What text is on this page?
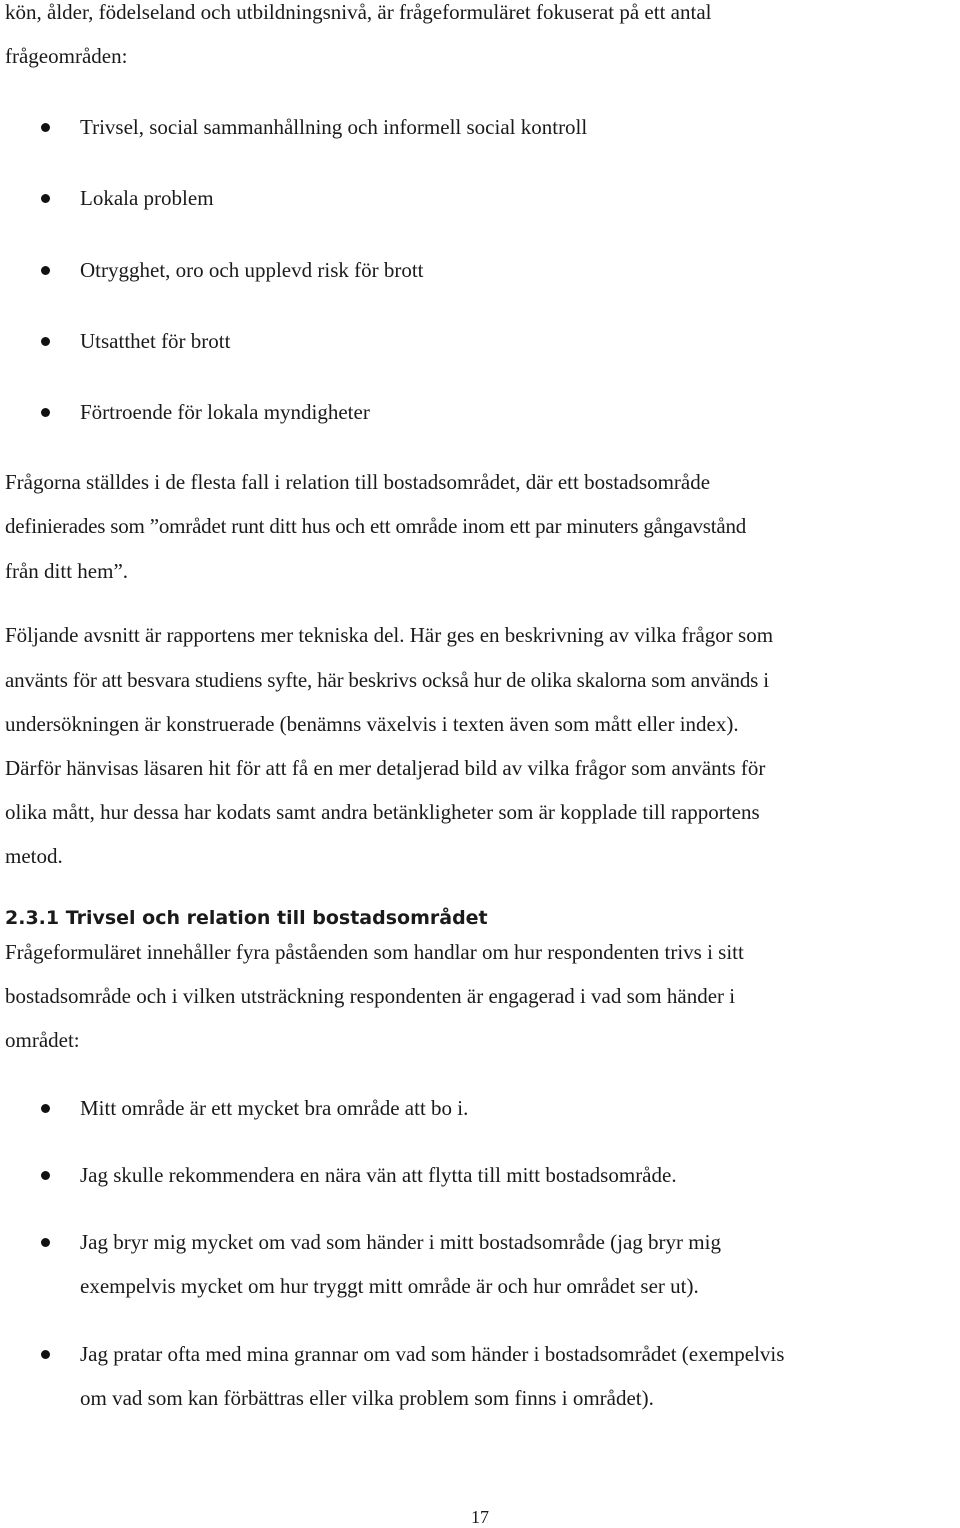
kön, ålder, födelseland och utbildningsnivå, är frågeformuläret fokuserat på ett antal
frågeområden:
Trivsel, social sammanhållning och informell social kontroll
Lokala problem
Otrygghet, oro och upplevd risk för brott
Utsatthet för brott
Förtroende för lokala myndigheter
Frågorna ställdes i de flesta fall i relation till bostadsområdet, där ett bostadsområde
definierades som ”området runt ditt hus och ett område inom ett par minuters gångavstånd
från ditt hem”.
Följande avsnitt är rapportens mer tekniska del. Här ges en beskrivning av vilka frågor som
använts för att besvara studiens syfte, här beskrivs också hur de olika skalorna som används i
undersökningen är konstruerade (benämns växelvis i texten även som mått eller index).
Därför hänvisas läsaren hit för att få en mer detaljerad bild av vilka frågor som använts för
olika mått, hur dessa har kodats samt andra betänkligheter som är kopplade till rapportens
metod.
2.3.1 Trivsel och relation till bostadsområdet
Frågeformuläret innehåller fyra påståenden som handlar om hur respondenten trivs i sitt
bostadsområde och i vilken utsträckning respondenten är engagerad i vad som händer i
området:
Mitt område är ett mycket bra område att bo i.
Jag skulle rekommendera en nära vän att flytta till mitt bostadsområde.
Jag bryr mig mycket om vad som händer i mitt bostadsområde (jag bryr mig
exempelvis mycket om hur tryggt mitt område är och hur området ser ut).
Jag pratar ofta med mina grannar om vad som händer i bostadsområdet (exempelvis
om vad som kan förbättras eller vilka problem som finns i området).
17
